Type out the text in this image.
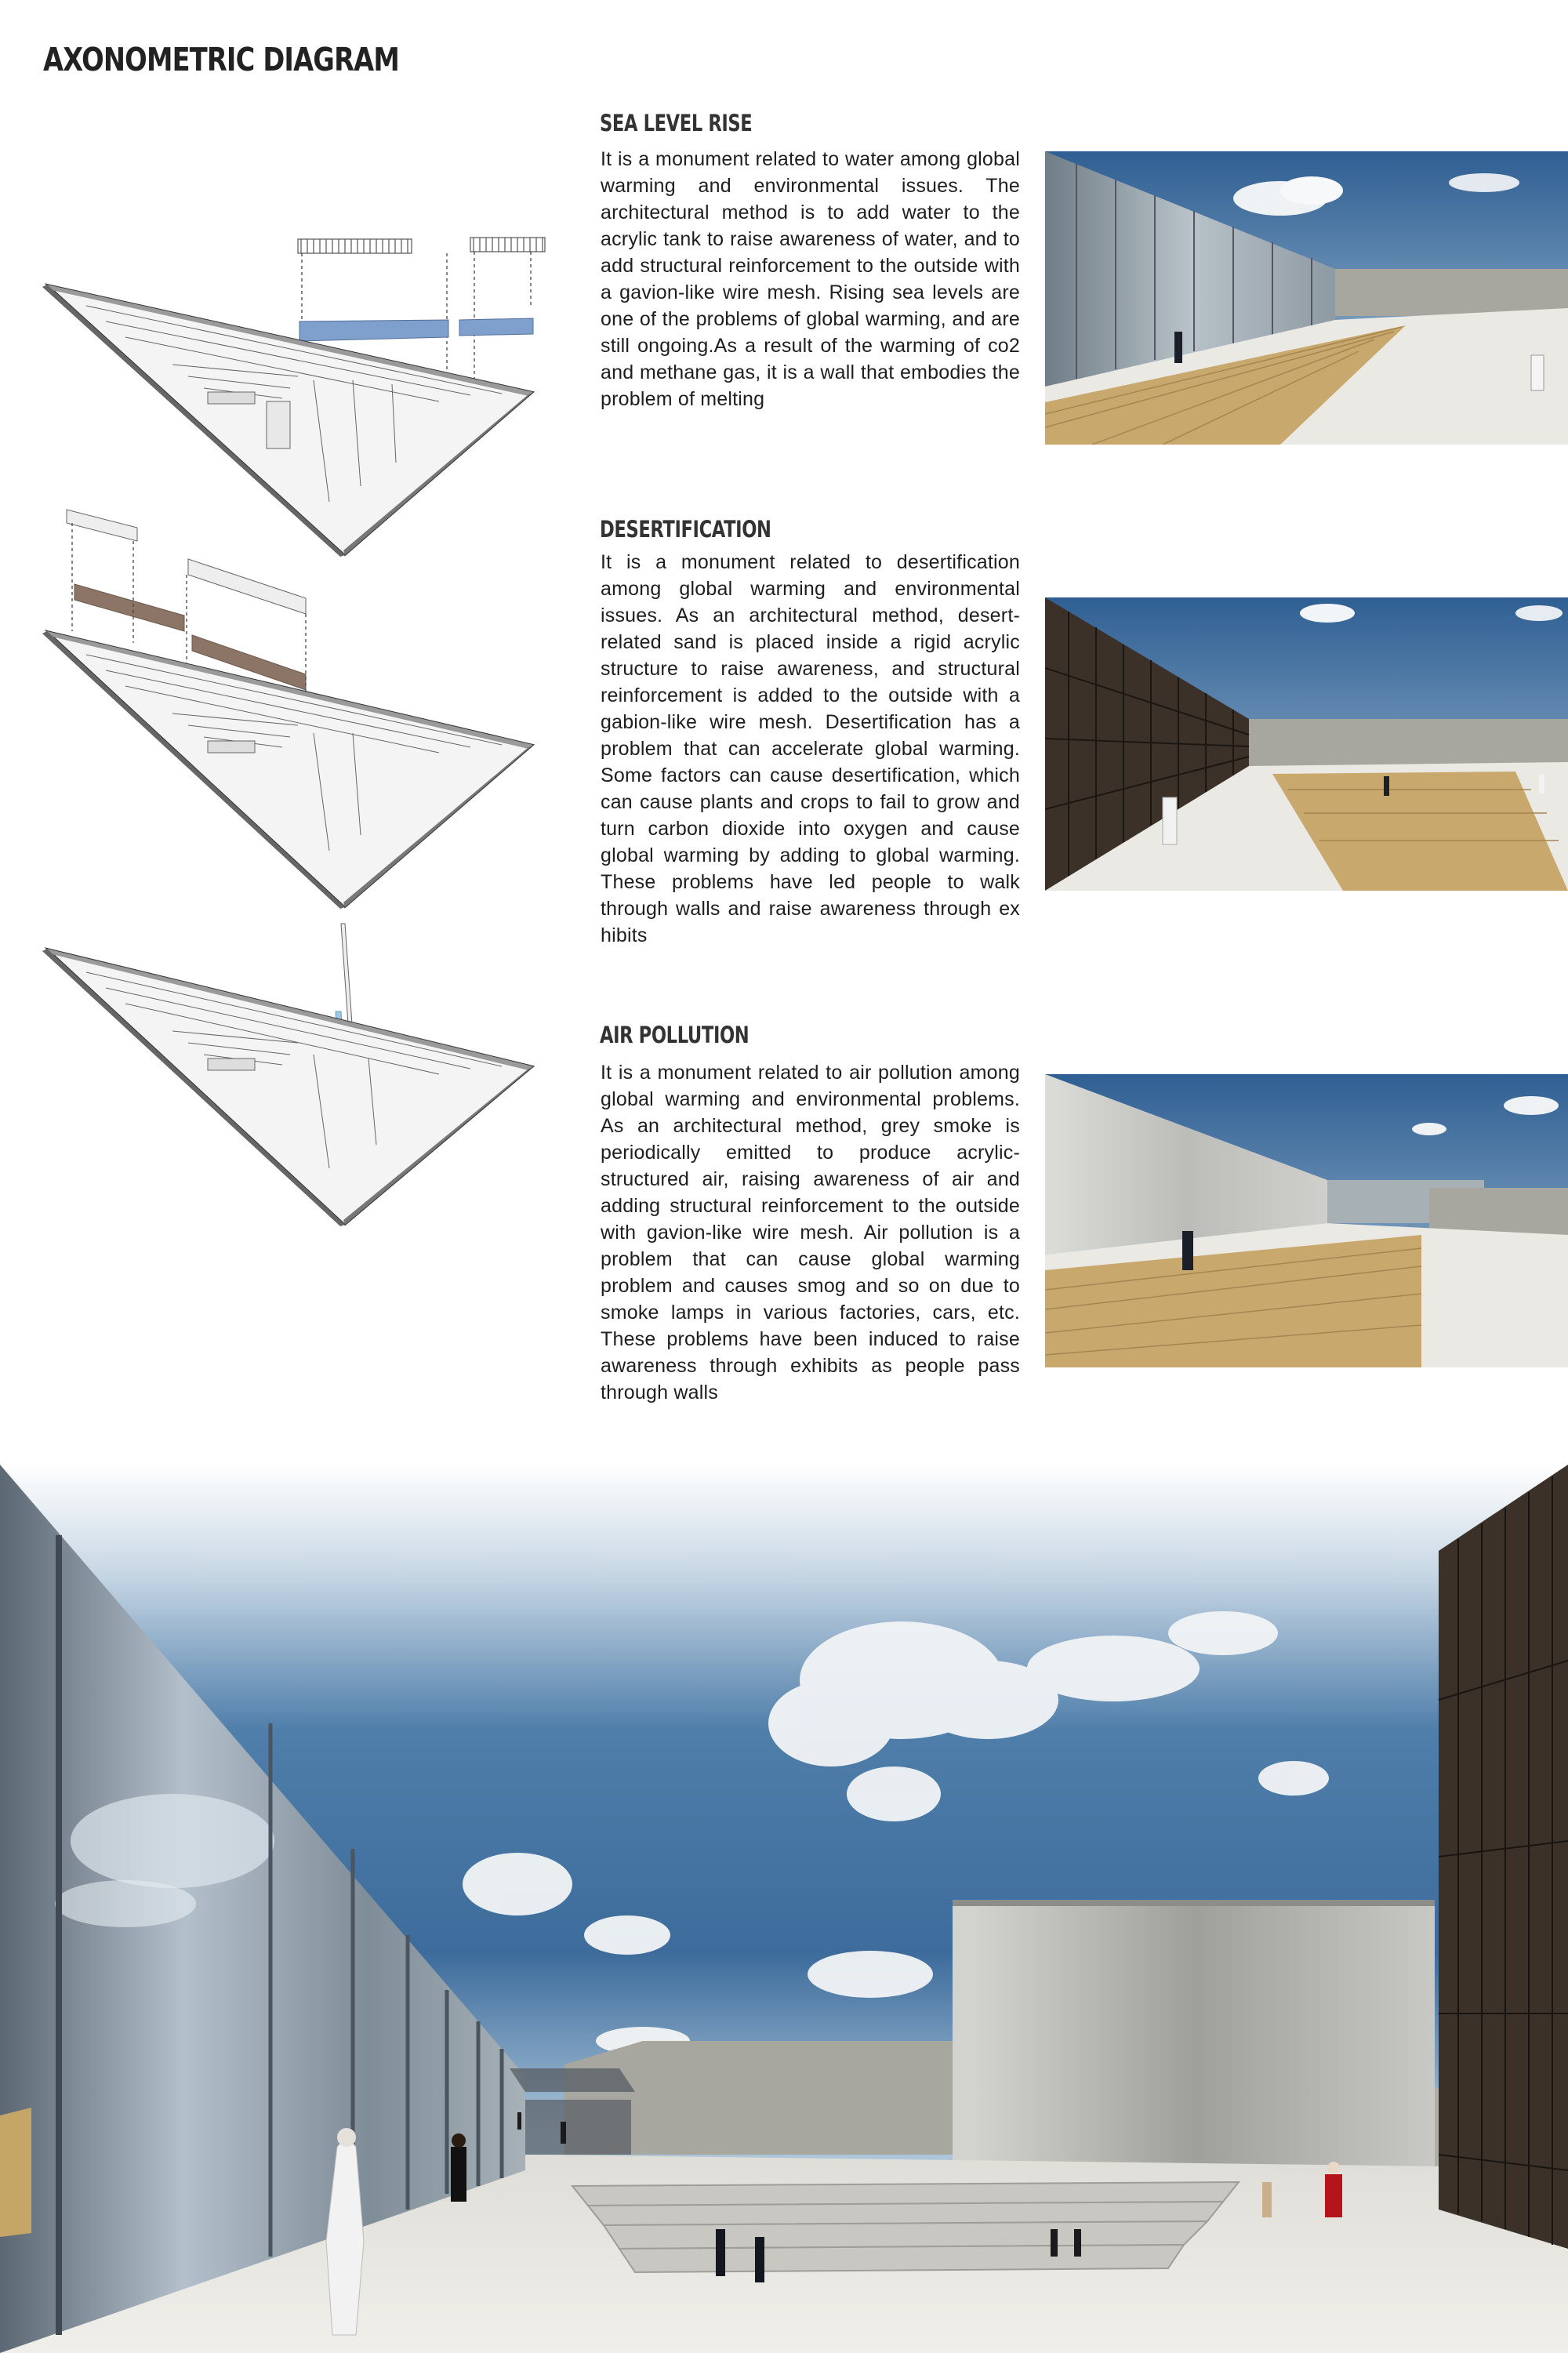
AXONOMETRIC DIAGRAM
SEA LEVEL RISE

It is a monument related to water among global warming and environmental issues. The architectural method is to add water to the acrylic tank to raise awareness of water, and to add structural reinforcement to the outside with a gavion-like wire mesh. Rising sea levels are one of the problems of global warming, and are still ongoing.As a result of the warming of co2 and methane gas, it is a wall that embodies the problem of melting

DESERTIFICATION

It is a monument related to desertification among global warming and environmental issues. As an architectural method, desert-related sand is placed inside a rigid acrylic structure to raise awareness, and structural reinforcement is added to the outside with a gabion-like wire mesh. Desertification has a problem that can accelerate global warming. Some factors can cause desertification, which can cause plants and crops to fail to grow and turn carbon dioxide into oxygen and cause global warming by adding to global warming. These problems have led people to walk through walls and raise awareness through ex hibits

AIR POLLUTION

It is a monument related to air pollution among global warming and environmental problems. As an architectural method, grey smoke is periodically emitted to produce acrylic-structured air, raising awareness of air and adding structural reinforcement to the outside with gavion-like wire mesh. Air pollution is a problem that can cause global warming problem and causes smog and so on due to smoke lamps in various factories, cars, etc. These problems have been induced to raise awareness through exhibits as people pass through walls
